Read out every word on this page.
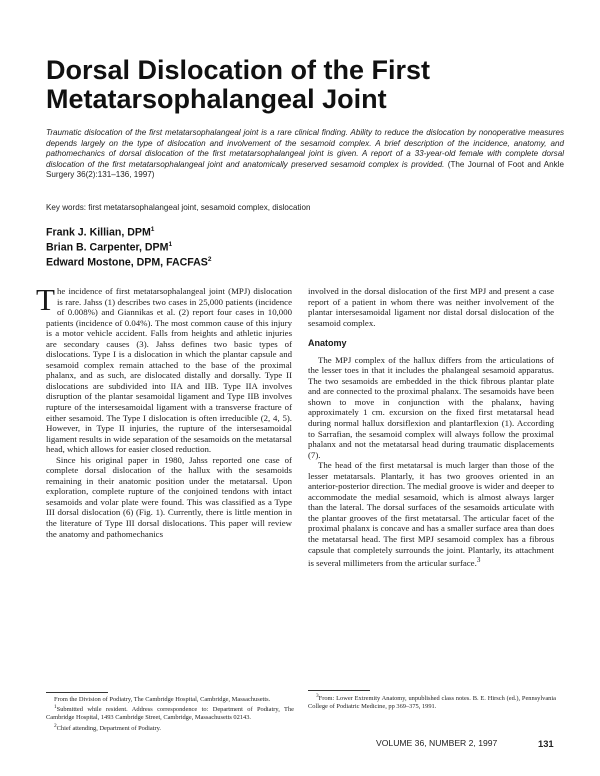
Dorsal Dislocation of the First
Metatarsophalangeal Joint

Traumatic dislocation of the first metatarsophalangeal joint is a rare clinical finding. Ability to reduce the dislocation by nonoperative measures depends largely on the type of dislocation and involvement of the sesamoid complex. A brief description of the incidence, anatomy, and pathomechanics of dorsal dislocation of the first metatarsophalangeal joint is given. A report of a 33-year-old female with complete dorsal dislocation of the first metatarsophalangeal joint and anatomically preserved sesamoid complex is provided. (The Journal of Foot and Ankle Surgery 36(2):131–136, 1997)

Key words: first metatarsophalangeal joint, sesamoid complex, dislocation

Frank J. Killian, DPM$^1$
Brian B. Carpenter, DPM$^1$
Edward Mostone, DPM, FACFAS$^2$

The incidence of first metatarsophalangeal joint (MPJ) dislocation is rare. Jahss (1) describes two cases in 25,000 patients (incidence of 0.008%) and Giannikas et al. (2) report four cases in 10,000 patients (incidence of 0.04%). The most common cause of this injury is a motor vehicle accident. Falls from heights and athletic injuries are secondary causes (3). Jahss defines two basic types of dislocations. Type I is a dislocation in which the plantar capsule and sesamoid complex remain attached to the base of the proximal phalanx, and as such, are dislocated distally and dorsally. Type II dislocations are subdivided into IIA and IIB. Type IIA involves disruption of the plantar sesamoidal ligament and Type IIB involves rupture of the intersesamoidal ligament with a transverse fracture of either sesamoid. The Type I dislocation is often irreducible (2, 4, 5). However, in Type II injuries, the rupture of the intersesamoidal ligament results in wide separation of the sesamoids on the metatarsal head, which allows for easier closed reduction.

Since his original paper in 1980, Jahss reported one case of complete dorsal dislocation of the hallux with the sesamoids remaining in their anatomic position under the metatarsal. Upon exploration, complete rupture of the conjoined tendons with intact sesamoids and volar plate were found. This was classified as a Type III dorsal dislocation (6) (Fig. 1). Currently, there is little mention in the literature of Type III dorsal dislocations. This paper will review the anatomy and pathomechanics

involved in the dorsal dislocation of the first MPJ and present a case report of a patient in whom there was neither involvement of the plantar intersesamoidal ligament nor distal dorsal dislocation of the sesamoid complex.

Anatomy

The MPJ complex of the hallux differs from the articulations of the lesser toes in that it includes the phalangeal sesamoid apparatus. The two sesamoids are embedded in the thick fibrous plantar plate and are connected to the proximal phalanx. The sesamoids have been shown to move in conjunction with the phalanx, having approximately 1 cm. excursion on the fixed first metatarsal head during normal hallux dorsiflexion and plantarflexion (1). According to Sarrafian, the sesamoid complex will always follow the proximal phalanx and not the metatarsal head during traumatic displacements (7).

The head of the first metatarsal is much larger than those of the lesser metatarsals. Plantarly, it has two grooves oriented in an anterior-posterior direction. The medial groove is wider and deeper to accommodate the medial sesamoid, which is almost always larger than the lateral. The dorsal surfaces of the sesamoids articulate with the plantar grooves of the first metatarsal. The articular facet of the proximal phalanx is concave and has a smaller surface area than does the metatarsal head. The first MPJ sesamoid complex has a fibrous capsule that completely surrounds the joint. Plantarly, its attachment is several millimeters from the articular surface.$^3$

From the Division of Podiatry, The Cambridge Hospital, Cambridge, Massachusetts.

$^1$Submitted while resident. Address correspondence to: Department of Podiatry, The Cambridge Hospital, 1493 Cambridge Street, Cambridge, Massachusetts 02143.

$^2$Chief attending, Department of Podiatry.

$^3$From: Lower Extremity Anatomy, unpublished class notes. B. E. Hirsch (ed.), Pennsylvania College of Podiatric Medicine, pp 369–375, 1991.

VOLUME 36, NUMBER 2, 1997	131
